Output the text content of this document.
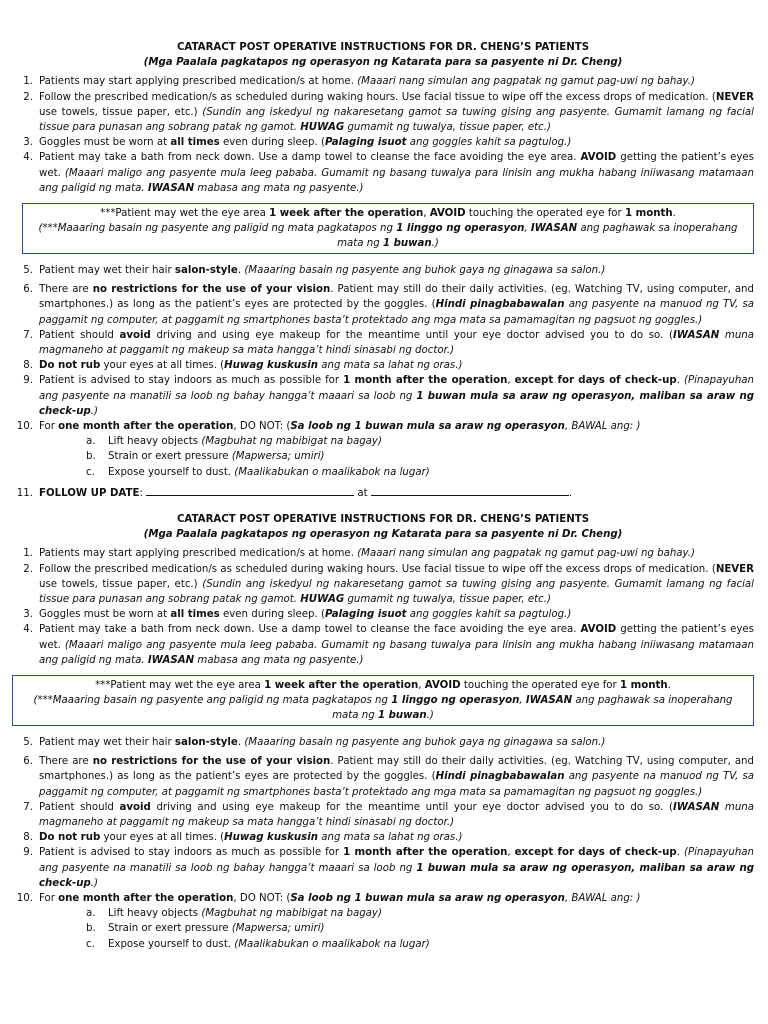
CATARACT POST OPERATIVE INSTRUCTIONS FOR DR. CHENG’S PATIENTS
(Mga Paalala pagkatapos ng operasyon ng Katarata para sa pasyente ni Dr. Cheng)
1. Patients may start applying prescribed medication/s at home. (Maaari nang simulan ang pagpatak ng gamut pag-uwi ng bahay.)
2. Follow the prescribed medication/s as scheduled during waking hours. Use facial tissue to wipe off the excess drops of medication. (NEVER use towels, tissue paper, etc.) (Sundin ang iskedyul ng nakaresetang gamot sa tuwing gising ang pasyente. Gumamit lamang ng facial tissue para punasan ang sobrang patak ng gamot. HUWAG gumamit ng tuwalya, tissue paper, etc.)
3. Goggles must be worn at all times even during sleep. (Palaging isuot ang goggles kahit sa pagtulog.)
4. Patient may take a bath from neck down. Use a damp towel to cleanse the face avoiding the eye area. AVOID getting the patient’s eyes wet. (Maaari maligo ang pasyente mula leeg pababa. Gumamit ng basang tuwalya para linisin ang mukha habang iniiwasang matamaan ang paligid ng mata. IWASAN mabasa ang mata ng pasyente.)
***Patient may wet the eye area 1 week after the operation, AVOID touching the operated eye for 1 month.
(***Maaaring basain ng pasyente ang paligid ng mata pagkatapos ng 1 linggo ng operasyon, IWASAN ang paghawak sa inoperahang mata ng 1 buwan.)
5. Patient may wet their hair salon-style. (Maaaring basain ng pasyente ang buhok gaya ng ginagawa sa salon.)
6. There are no restrictions for the use of your vision. Patient may still do their daily activities. (eg. Watching TV, using computer, and smartphones.) as long as the patient’s eyes are protected by the goggles. (Hindi pinagbabawalan ang pasyente na manuod ng TV, sa paggamit ng computer, at paggamit ng smartphones basta’t protektado ang mga mata sa pamamagitan ng pagsuot ng goggles.)
7. Patient should avoid driving and using eye makeup for the meantime until your eye doctor advised you to do so. (IWASAN muna magmaneho at paggamit ng makeup sa mata hangga’t hindi sinasabi ng doctor.)
8. Do not rub your eyes at all times. (Huwag kuskusin ang mata sa lahat ng oras.)
9. Patient is advised to stay indoors as much as possible for 1 month after the operation, except for days of check-up. (Pinapayuhan ang pasyente na manatili sa loob ng bahay hangga’t maaari sa loob ng 1 buwan mula sa araw ng operasyon, maliban sa araw ng check-up.)
10. For one month after the operation, DO NOT: (Sa loob ng 1 buwan mula sa araw ng operasyon, BAWAL ang: )
a.	Lift heavy objects (Magbuhat ng mabibigat na bagay)
b.	Strain or exert pressure (Mapwersa; umiri)
c.	Expose yourself to dust. (Maalikabukan o maalikabok na lugar)
11. FOLLOW UP DATE:	at	.
CATARACT POST OPERATIVE INSTRUCTIONS FOR DR. CHENG’S PATIENTS
(Mga Paalala pagkatapos ng operasyon ng Katarata para sa pasyente ni Dr. Cheng)
1. Patients may start applying prescribed medication/s at home. (Maaari nang simulan ang pagpatak ng gamut pag-uwi ng bahay.)
2. Follow the prescribed medication/s as scheduled during waking hours. Use facial tissue to wipe off the excess drops of medication. (NEVER use towels, tissue paper, etc.) (Sundin ang iskedyul ng nakaresetang gamot sa tuwing gising ang pasyente. Gumamit lamang ng facial tissue para punasan ang sobrang patak ng gamot. HUWAG gumamit ng tuwalya, tissue paper, etc.)
3. Goggles must be worn at all times even during sleep. (Palaging isuot ang goggles kahit sa pagtulog.)
4. Patient may take a bath from neck down. Use a damp towel to cleanse the face avoiding the eye area. AVOID getting the patient’s eyes wet. (Maaari maligo ang pasyente mula leeg pababa. Gumamit ng basang tuwalya para linisin ang mukha habang iniiwasang matamaan ang paligid ng mata. IWASAN mabasa ang mata ng pasyente.)
***Patient may wet the eye area 1 week after the operation, AVOID touching the operated eye for 1 month.
(***Maaaring basain ng pasyente ang paligid ng mata pagkatapos ng 1 linggo ng operasyon, IWASAN ang paghawak sa inoperahang mata ng 1 buwan.)
5. Patient may wet their hair salon-style. (Maaaring basain ng pasyente ang buhok gaya ng ginagawa sa salon.)
6. There are no restrictions for the use of your vision. Patient may still do their daily activities. (eg. Watching TV, using computer, and smartphones.) as long as the patient’s eyes are protected by the goggles. (Hindi pinagbabawalan ang pasyente na manuod ng TV, sa paggamit ng computer, at paggamit ng smartphones basta’t protektado ang mga mata sa pamamagitan ng pagsuot ng goggles.)
7. Patient should avoid driving and using eye makeup for the meantime until your eye doctor advised you to do so. (IWASAN muna magmaneho at paggamit ng makeup sa mata hangga’t hindi sinasabi ng doctor.)
8. Do not rub your eyes at all times. (Huwag kuskusin ang mata sa lahat ng oras.)
9. Patient is advised to stay indoors as much as possible for 1 month after the operation, except for days of check-up. (Pinapayuhan ang pasyente na manatili sa loob ng bahay hangga’t maaari sa loob ng 1 buwan mula sa araw ng operasyon, maliban sa araw ng check-up.)
10. For one month after the operation, DO NOT: (Sa loob ng 1 buwan mula sa araw ng operasyon, BAWAL ang: )
a.	Lift heavy objects (Magbuhat ng mabibigat na bagay)
b.	Strain or exert pressure (Mapwersa; umiri)
c.	Expose yourself to dust. (Maalikabukan o maalikabok na lugar)
